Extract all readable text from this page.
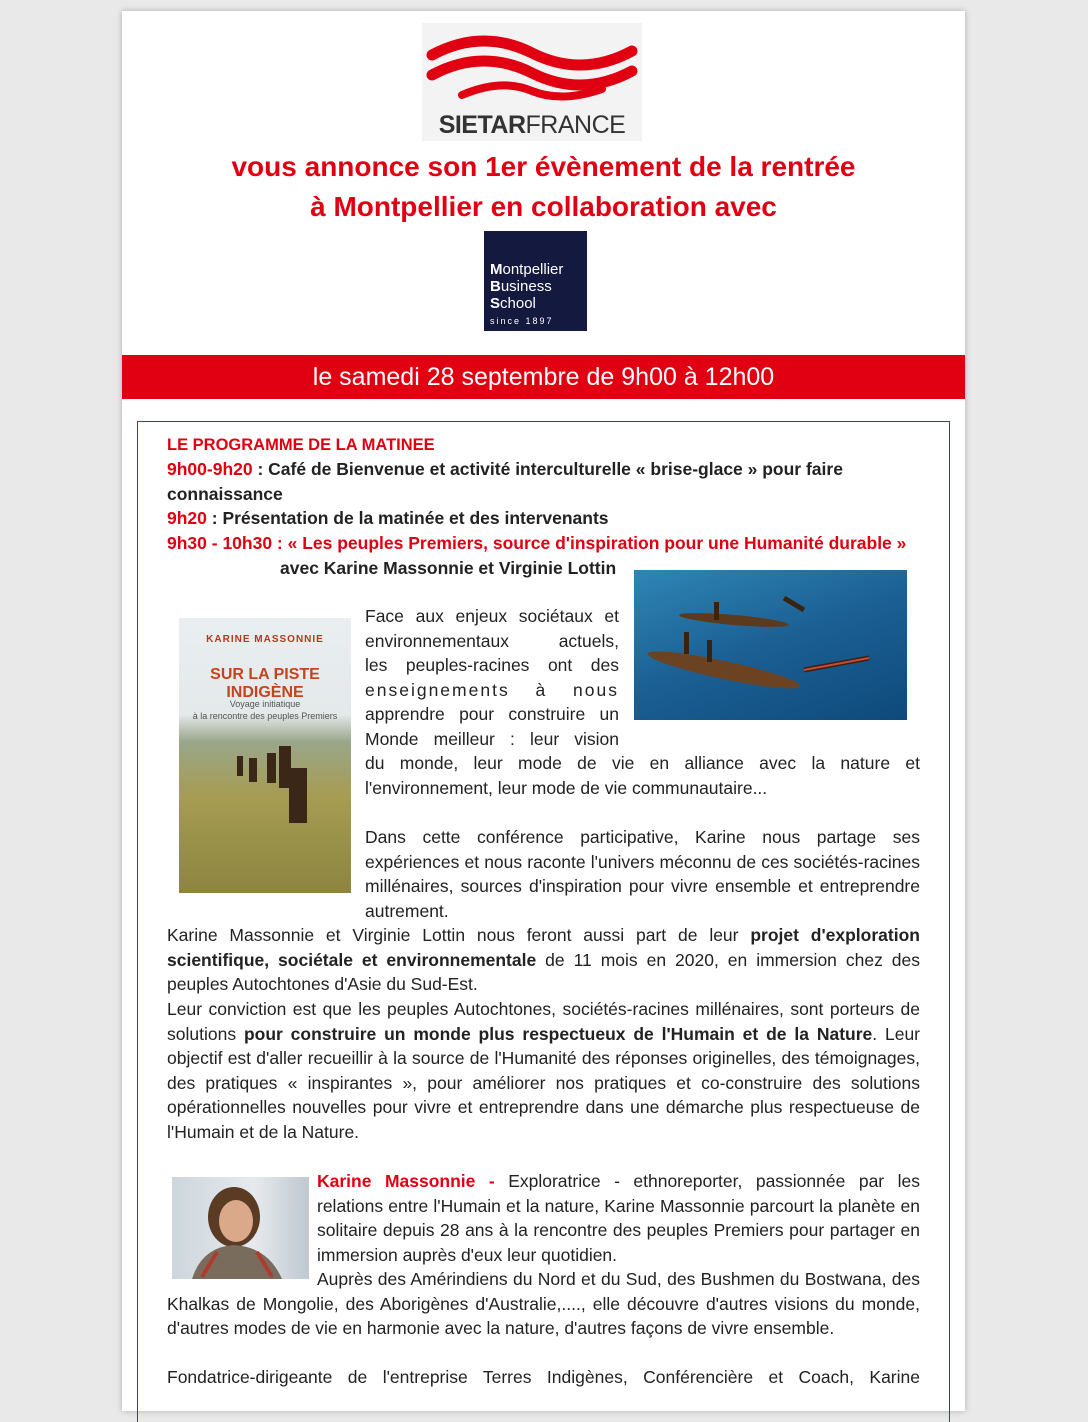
SIETARFRANCE
vous annonce son 1er évènement de la rentrée
à Montpellier en collaboration avec
Montpellier
Business
School
since 1897
le samedi 28 septembre de 9h00 à 12h00
LE PROGRAMME DE LA MATINEE
9h00-9h20 : Café de Bienvenue et activité interculturelle « brise-glace » pour faire
connaissance
9h20 : Présentation de la matinée et des intervenants
9h30 - 10h30 : « Les peuples Premiers, source d'inspiration pour une Humanité durable »
avec Karine Massonnie et Virginie Lottin
KARINE MASSONNIE
SUR LA PISTE INDIGÈNE
Voyage initiatique
à la rencontre des peuples Premiers
Face aux enjeux sociétaux et
environnementaux actuels,
les peuples-racines ont des
enseignements à nous
apprendre pour construire un
Monde meilleur : leur vision
du monde, leur mode de vie en alliance avec la nature et
l'environnement, leur mode de vie communautaire...
Dans cette conférence participative, Karine nous partage ses expériences et nous raconte l'univers méconnu de ces sociétés-racines millénaires, sources d'inspiration pour vivre ensemble et entreprendre autrement.
Karine Massonnie et Virginie Lottin nous feront aussi part de leur projet d'exploration scientifique, sociétale et environnementale de 11 mois en 2020, en immersion chez des peuples Autochtones d'Asie du Sud-Est.
Leur conviction est que les peuples Autochtones, sociétés-racines millénaires, sont porteurs de solutions pour construire un monde plus respectueux de l'Humain et de la Nature. Leur objectif est d'aller recueillir à la source de l'Humanité des réponses originelles, des témoignages, des pratiques « inspirantes », pour améliorer nos pratiques et co-construire des solutions opérationnelles nouvelles pour vivre et entreprendre dans une démarche plus respectueuse de l'Humain et de la Nature.
Karine Massonnie - Exploratrice - ethnoreporter, passionnée par les relations entre l'Humain et la nature, Karine Massonnie parcourt la planète en solitaire depuis 28 ans à la rencontre des peuples Premiers pour partager en immersion auprès d'eux leur quotidien.
Auprès des Amérindiens du Nord et du Sud, des Bushmen du Bostwana, des Khalkas de Mongolie, des Aborigènes d'Australie,...., elle découvre d'autres visions du monde, d'autres modes de vie en harmonie avec la nature, d'autres façons de vivre ensemble.
Fondatrice-dirigeante de l'entreprise Terres Indigènes, Conférencière et Coach, Karine
